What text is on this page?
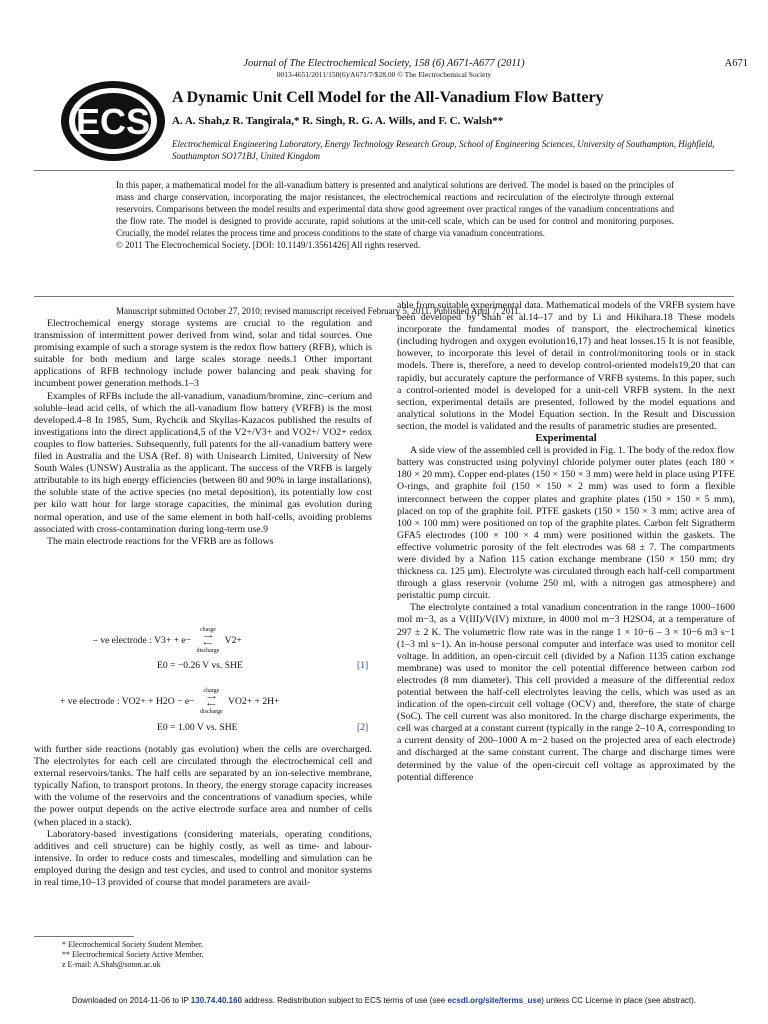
Journal of The Electrochemical Society, 158 (6) A671-A677 (2011)
0013-4651/2011/158(6)/A671/7/$28.00 © The Electrochemical Society
A671
ECS
A Dynamic Unit Cell Model for the All-Vanadium Flow Battery
A. A. Shah,z R. Tangirala,* R. Singh, R. G. A. Wills, and F. C. Walsh**
Electrochemical Engineering Laboratory, Energy Technology Research Group, School of Engineering Sciences, University of Southampton, Highfield, Southampton SO171BJ, United Kingdom
In this paper, a mathematical model for the all-vanadium battery is presented and analytical solutions are derived. The model is based on the principles of mass and charge conservation, incorporating the major resistances, the electrochemical reactions and recirculation of the electrolyte through external reservoirs. Comparisons between the model results and experimental data show good agreement over practical ranges of the vanadium concentrations and the flow rate. The model is designed to provide accurate, rapid solutions at the unit-cell scale, which can be used for control and monitoring purposes. Crucially, the model relates the process time and process conditions to the state of charge via vanadium concentrations.
© 2011 The Electrochemical Society. [DOI: 10.1149/1.3561426] All rights reserved.
Manuscript submitted October 27, 2010; revised manuscript received February 5, 2011. Published April 7, 2011.

Electrochemical energy storage systems are crucial to the regulation and transmission of intermittent power derived from wind, solar and tidal sources. One promising example of such a storage system is the redox flow battery (RFB), which is suitable for both medium and large scales storage needs.1 Other important applications of RFB technology include power balancing and peak shaving for incumbent power generation methods.1–3

Examples of RFBs include the all-vanadium, vanadium/bromine, zinc–cerium and soluble–lead acid cells, of which the all-vanadium flow battery (VRFB) is the most developed.4–8 In 1985, Sum, Rychcik and Skyllas-Kazacos published the results of investigations into the direct application4,5 of the V2+/V3+ and VO2+/ VO2+ redox couples to flow batteries. Subsequently, full patents for the all-vanadium battery were filed in Australia and the USA (Ref. 8) with Unisearch Limited, University of New South Wales (UNSW) Australia as the applicant. The success of the VRFB is largely attributable to its high energy efficiencies (between 80 and 90% in large installations), the soluble state of the active species (no metal deposition), its potentially low cost per kilo watt hour for large storage capacities, the minimal gas evolution during normal operation, and use of the same element in both half-cells, avoiding problems associated with cross-contamination during long-term use.9

The main electrode reactions for the VFRB are as follows

– ve electrode : V3+ + e− charge
⟶
⟵
discharge V2+
E0 = −0.26 V vs. SHE	[1]
+ ve electrode : VO2+ + H2O − e− charge
⟶
⟵
discharge VO2+ + 2H+
E0 = 1.00 V vs. SHE	[2]

with further side reactions (notably gas evolution) when the cells are overcharged. The electrolytes for each cell are circulated through the electrochemical cell and external reservoirs/tanks. The half cells are separated by an ion-selective membrane, typically Nafion, to transport protons. In theory, the energy storage capacity increases with the volume of the reservoirs and the concentrations of vanadium species, while the power output depends on the active electrode surface area and number of cells (when placed in a stack).

Laboratory-based investigations (considering materials, operating conditions, additives and cell structure) can be highly costly, as well as time- and labour-intensive. In order to reduce costs and timescales, modelling and simulation can be employed during the design and test cycles, and used to control and monitor systems in real time,10–13 provided of course that model parameters are avail-

able from suitable experimental data. Mathematical models of the VRFB system have been developed by Shah et al.14–17 and by Li and Hikihara.18 These models incorporate the fundamental modes of transport, the electrochemical kinetics (including hydrogen and oxygen evolution16,17) and heat losses.15 It is not feasible, however, to incorporate this level of detail in control/monitoring tools or in stack models. There is, therefore, a need to develop control-oriented models19,20 that can rapidly, but accurately capture the performance of VRFB systems. In this paper, such a control-oriented model is developed for a unit-cell VRFB system. In the next section, experimental details are presented, followed by the model equations and analytical solutions in the Model Equation section. In the Result and Discussion section, the model is validated and the results of parametric studies are presented.

Experimental

A side view of the assembled cell is provided in Fig. 1. The body of the redox flow battery was constructed using polyvinyl chloride polymer outer plates (each 180 × 180 × 20 mm). Copper end-plates (150 × 150 × 3 mm) were held in place using PTFE O-rings, and graphite foil (150 × 150 × 2 mm) was used to form a flexible interconnect between the copper plates and graphite plates (150 × 150 × 5 mm), placed on top of the graphite foil. PTFE gaskets (150 × 150 × 3 mm; active area of 100 × 100 mm) were positioned on top of the graphite plates. Carbon felt Sigratherm GFA5 electrodes (100 × 100 × 4 mm) were positioned within the gaskets. The effective volumetric porosity of the felt electrodes was 68 ± 7. The compartments were divided by a Nafion 115 cation exchange membrane (150 × 150 mm; dry thickness ca. 125 μm). Electrolyte was circulated through each half-cell compartment through a glass reservoir (volume 250 ml, with a nitrogen gas atmosphere) and peristaltic pump circuit.

The electrolyte contained a total vanadium concentration in the range 1000–1600 mol m−3, as a V(III)/V(IV) mixture, in 4000 mol m−3 H2SO4, at a temperature of 297 ± 2 K. The volumetric flow rate was in the range 1 × 10−6 – 3 × 10−6 m3 s−1 (1–3 ml s−1). An in-house personal computer and interface was used to monitor cell voltage. In addition, an open-circuit cell (divided by a Nafion 1135 cation exchange membrane) was used to monitor the cell potential difference between carbon rod electrodes (8 mm diameter). This cell provided a measure of the differential redox potential between the half-cell electrolytes leaving the cells, which was used as an indication of the open-circuit cell voltage (OCV) and, therefore, the state of charge (SoC). The cell current was also monitored. In the charge discharge experiments, the cell was charged at a constant current (typically in the range 2–10 A, corresponding to a current density of 200–1000 A m−2 based on the projected area of each electrode) and discharged at the same constant current. The charge and discharge times were determined by the value of the open-circuit cell voltage as approximated by the potential difference

* Electrochemical Society Student Member.
** Electrochemical Society Active Member.
z E-mail: A.Shah@soton.ac.uk
Downloaded on 2014-11-06 to IP 130.74.40.160 address. Redistribution subject to ECS terms of use (see ecsdl.org/site/terms_use) unless CC License in place (see abstract).
